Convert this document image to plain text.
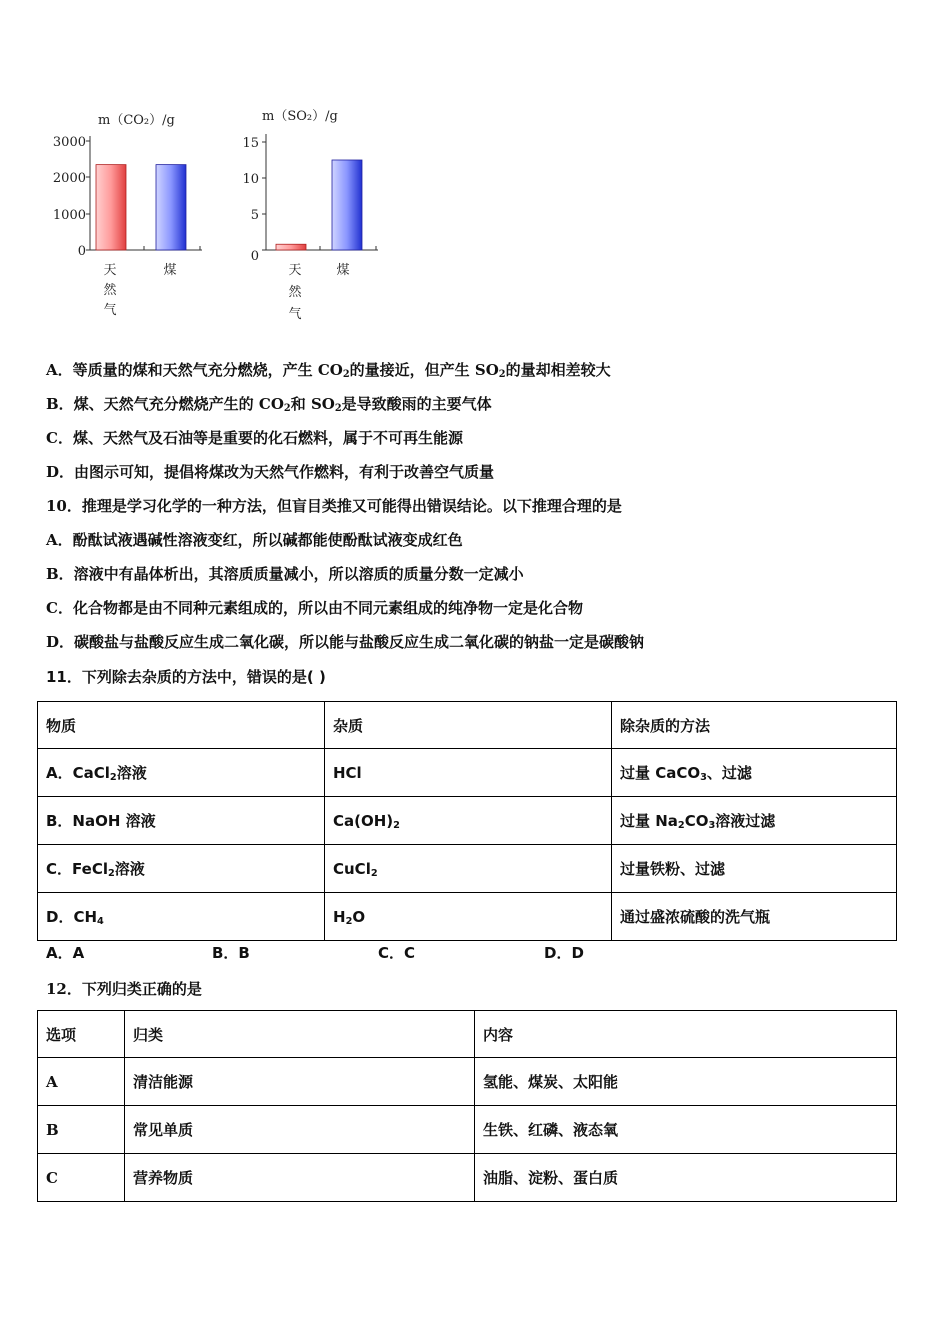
m（CO₂）/g
3000
2000
1000
0
天
然
气
煤
m（SO₂）/g
15
10
5
0
天
然
气
煤
A．等质量的煤和天然气充分燃烧，产生 $CO_2$的量接近，但产生 $SO_2$的量却相差较大
B．煤、天然气充分燃烧产生的 $CO_2$和 $SO_2$是导致酸雨的主要气体
C．煤、天然气及石油等是重要的化石燃料，属于不可再生能源
D．由图示可知，提倡将煤改为天然气作燃料，有利于改善空气质量
10．推理是学习化学的一种方法，但盲目类推又可能得出错误结论。以下推理合理的是
A．酚酞试液遇碱性溶液变红，所以碱都能使酚酞试液变成红色
B．溶液中有晶体析出，其溶质质量减小，所以溶质的质量分数一定减小
C．化合物都是由不同种元素组成的，所以由不同元素组成的纯净物一定是化合物
D．碳酸盐与盐酸反应生成二氧化碳，所以能与盐酸反应生成二氧化碳的钠盐一定是碳酸钠
11．下列除去杂质的方法中，错误的是( )
物质	杂质	除杂质的方法
A．CaCl$_2$溶液	HCl	过量 CaCO$_3$、过滤
B．NaOH 溶液	$Ca(OH)_2$	过量 $Na_2CO_3$溶液过滤
C．FeCl$_2$溶液	CuCl$_2$	过量铁粉、过滤
D．$CH_4$	$H_2O$	通过盛浓硫酸的洗气瓶
A．A	B．B	C．C	D．D
12．下列归类正确的是
选项	归类	内容
A	清洁能源	氢能、煤炭、太阳能
B	常见单质	生铁、红磷、液态氧
C	营养物质	油脂、淀粉、蛋白质
